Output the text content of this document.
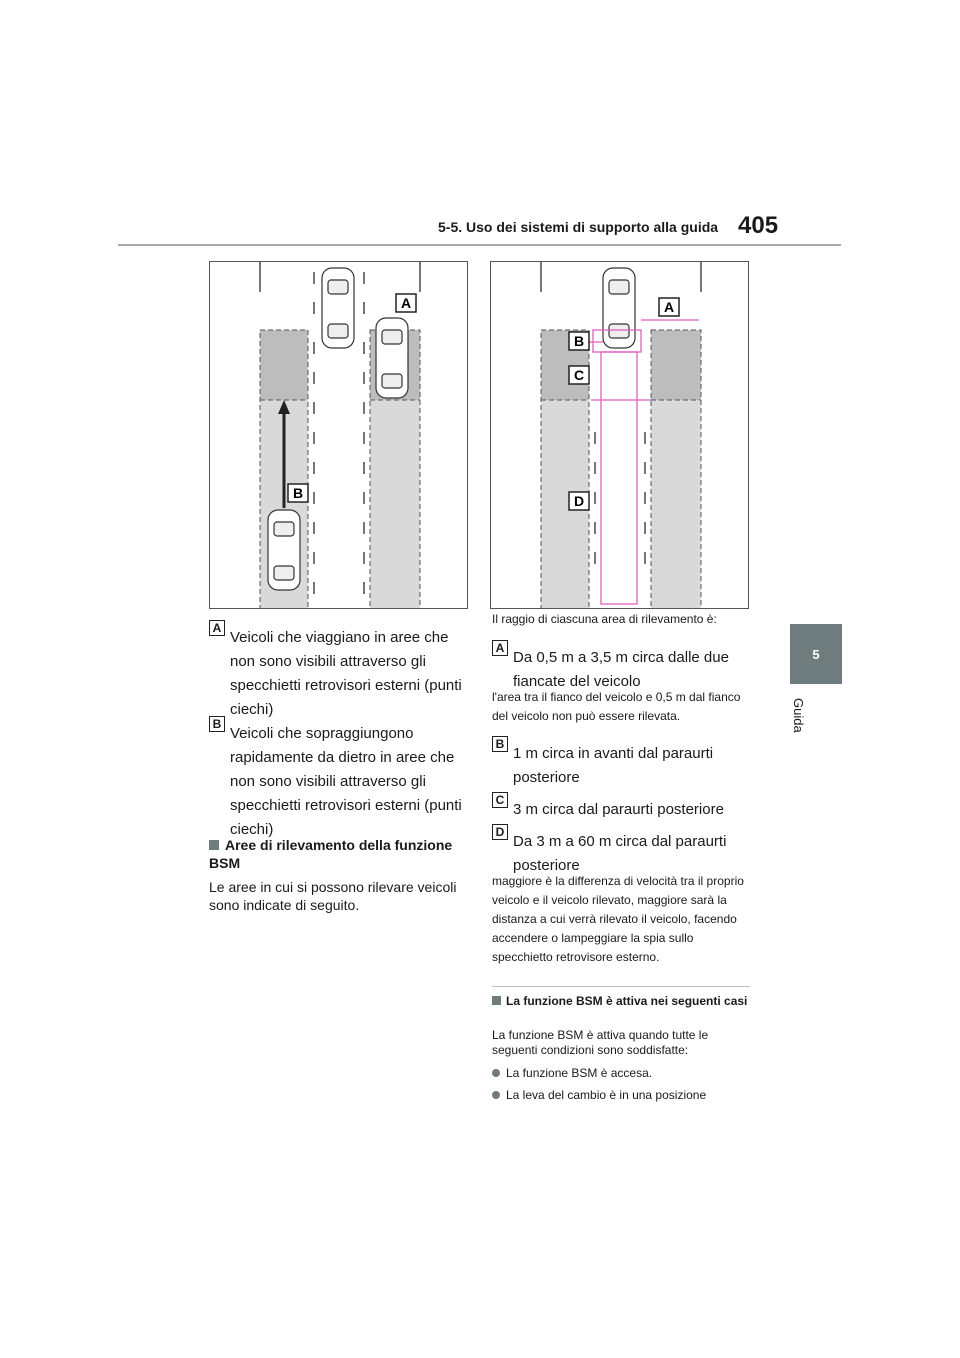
5-5. Uso dei sistemi di supporto alla guida 405
5
Guida
A
B
A
B
C
D
A
Veicoli che viaggiano in aree che non sono visibili attraverso gli specchietti retrovisori esterni (punti ciechi)
B
Veicoli che sopraggiungono rapidamente da dietro in aree che non sono visibili attraverso gli specchietti retrovisori esterni (punti ciechi)
Aree di rilevamento della funzione BSM
Le aree in cui si possono rilevare veicoli sono indicate di seguito.
Il raggio di ciascuna area di rilevamento è:
A
Da 0,5 m a 3,5 m circa dalle due fiancate del veicolo
l'area tra il fianco del veicolo e 0,5 m dal fianco del veicolo non può essere rilevata.
B
1 m circa in avanti dal paraurti posteriore
C
3 m circa dal paraurti posteriore
D
Da 3 m a 60 m circa dal paraurti posteriore
maggiore è la differenza di velocità tra il proprio veicolo e il veicolo rilevato, maggiore sarà la distanza a cui verrà rilevato il veicolo, facendo accendere o lampeggiare la spia sullo specchietto retrovisore esterno.
La funzione BSM è attiva nei seguenti casi
La funzione BSM è attiva quando tutte le seguenti condizioni sono soddisfatte:
La funzione BSM è accesa.
La leva del cambio è in una posizione
